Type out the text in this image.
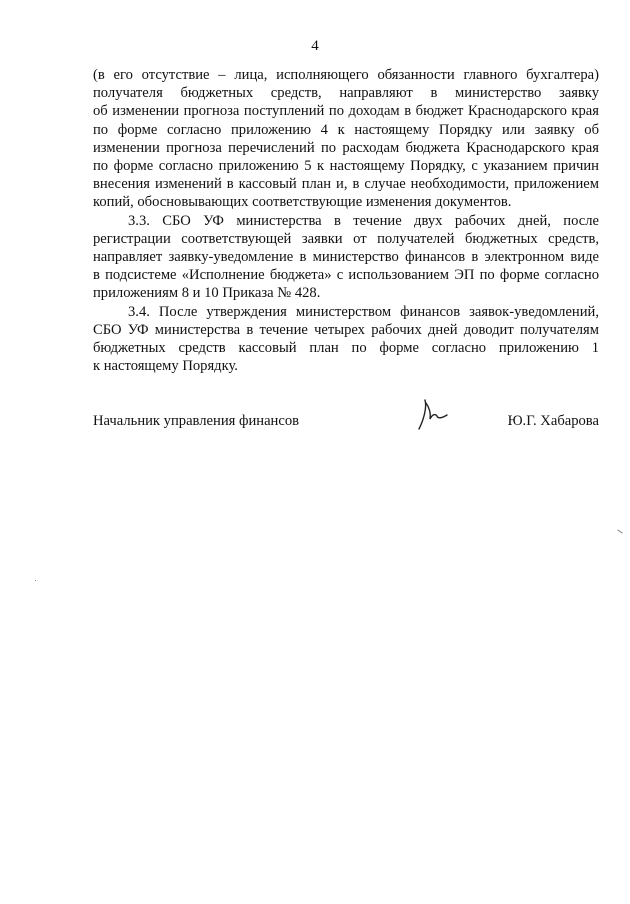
4

(в его отсутствие – лица, исполняющего обязанности главного бухгалтера)
получателя бюджетных средств, направляют в министерство заявку
об изменении прогноза поступлений по доходам в бюджет Краснодарского края
по форме согласно приложению 4 к настоящему Порядку или заявку об
изменении прогноза перечислений по расходам бюджета Краснодарского края
по форме согласно приложению 5 к настоящему Порядку, с указанием причин
внесения изменений в кассовый план и, в случае необходимости, приложением
копий, обосновывающих соответствующие изменения документов.

3.3. СБО УФ министерства в течение двух рабочих дней, после
регистрации соответствующей заявки от получателей бюджетных средств,
направляет заявку-уведомление в министерство финансов в электронном виде
в подсистеме «Исполнение бюджета» с использованием ЭП по форме согласно
приложениям 8 и 10 Приказа № 428.

3.4. После утверждения министерством финансов заявок-уведомлений,
СБО УФ министерства в течение четырех рабочих дней доводит получателям
бюджетных средств кассовый план по форме согласно приложению 1
к настоящему Порядку.

Начальник управления финансов	Ю.Г. Хабарова
